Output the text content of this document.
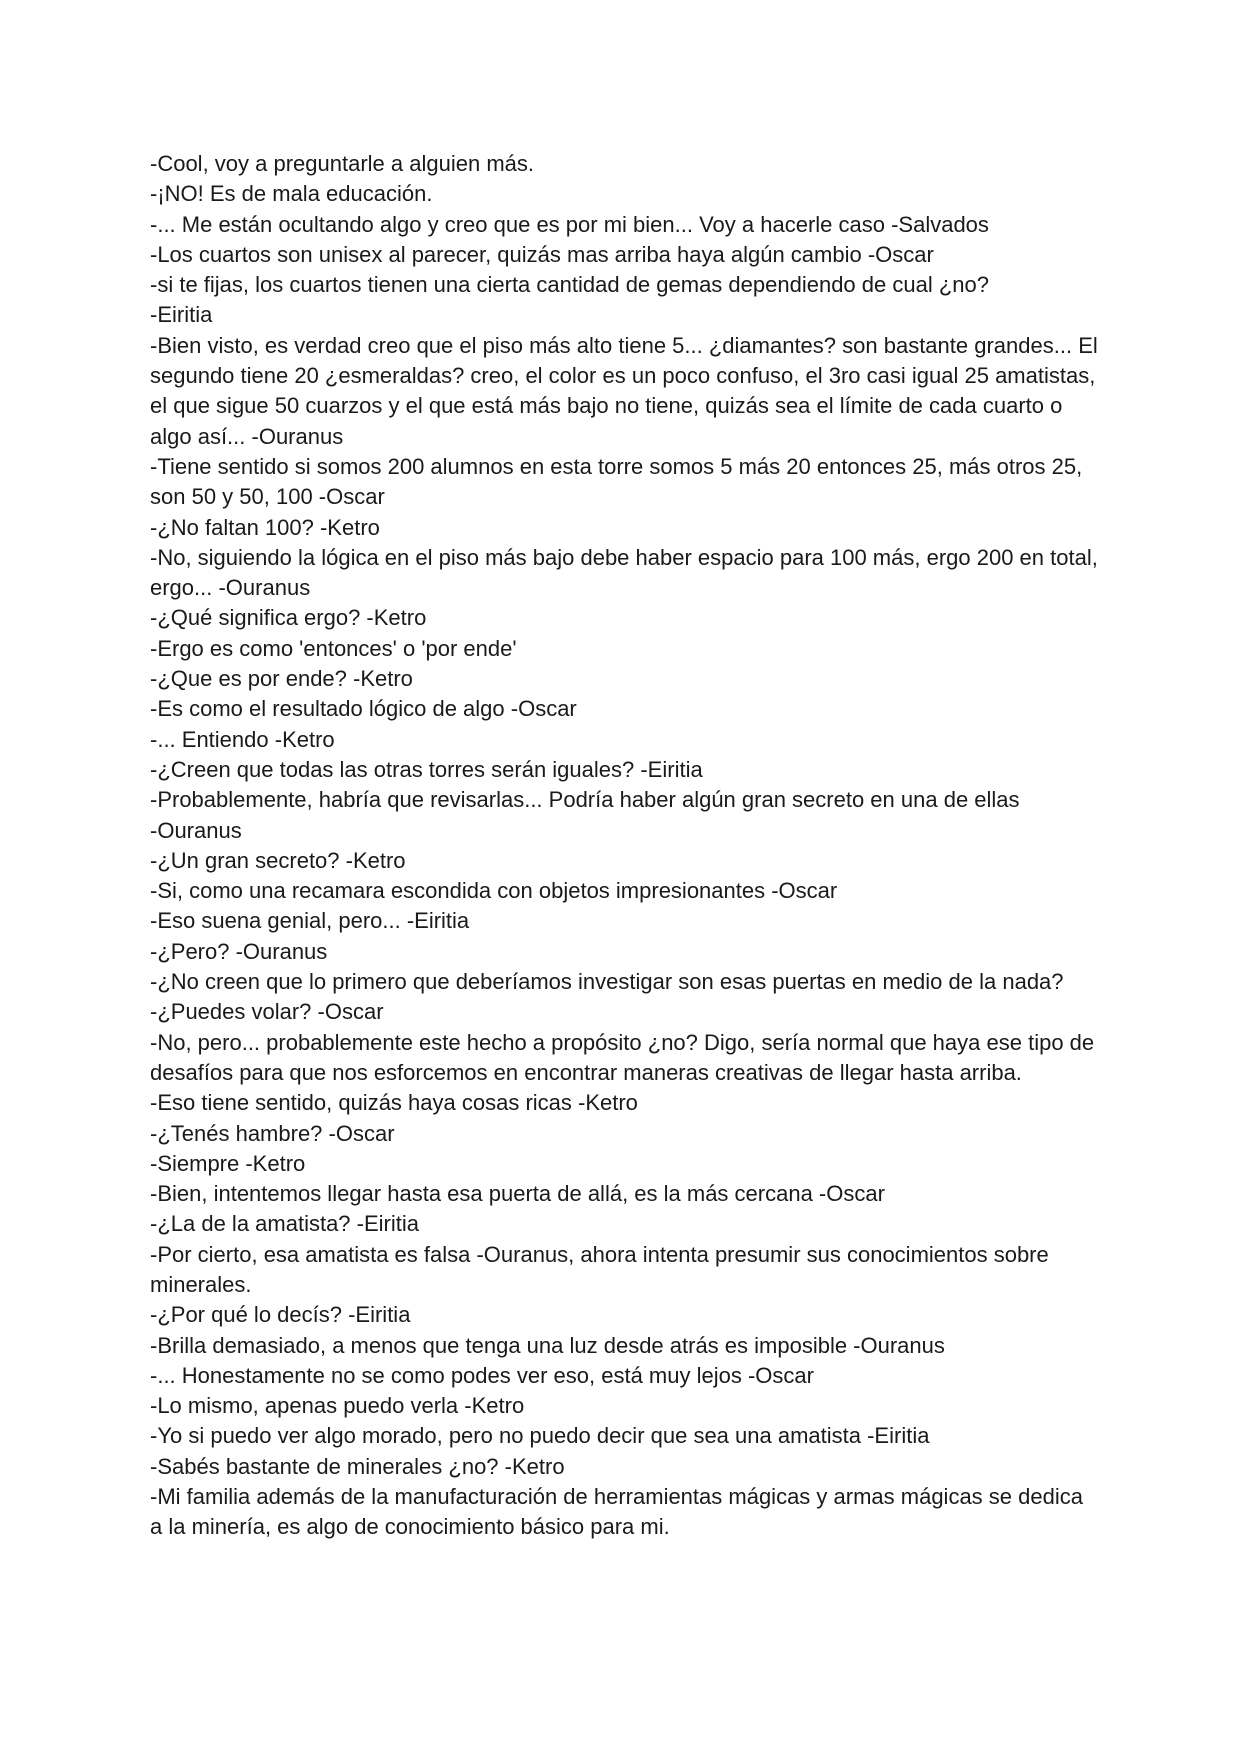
-Cool, voy a preguntarle a alguien más.

-¡NO! Es de mala educación.

-... Me están ocultando algo y creo que es por mi bien... Voy a hacerle caso -Salvados

-Los cuartos son unisex al parecer, quizás mas arriba haya algún cambio -Oscar

-si te fijas, los cuartos tienen una cierta cantidad de gemas dependiendo de cual ¿no?

-Eiritia

-Bien visto, es verdad creo que el piso más alto tiene 5... ¿diamantes? son bastante grandes... El segundo tiene 20 ¿esmeraldas? creo, el color es un poco confuso, el 3ro casi igual 25 amatistas, el que sigue 50 cuarzos y el que está más bajo no tiene, quizás sea el límite de cada cuarto o algo así... -Ouranus

-Tiene sentido si somos 200 alumnos en esta torre somos 5 más 20 entonces 25, más otros 25, son 50 y 50, 100 -Oscar

-¿No faltan 100? -Ketro

-No, siguiendo la lógica en el piso más bajo debe haber espacio para 100 más, ergo 200 en total, ergo... -Ouranus

-¿Qué significa ergo? -Ketro

-Ergo es como 'entonces' o 'por ende'

-¿Que es por ende? -Ketro

-Es como el resultado lógico de algo -Oscar

-... Entiendo -Ketro

-¿Creen que todas las otras torres serán iguales? -Eiritia

-Probablemente, habría que revisarlas... Podría haber algún gran secreto en una de ellas

-Ouranus

-¿Un gran secreto? -Ketro

-Si, como una recamara escondida con objetos impresionantes -Oscar

-Eso suena genial, pero... -Eiritia

-¿Pero? -Ouranus

-¿No creen que lo primero que deberíamos investigar son esas puertas en medio de la nada?

-¿Puedes volar? -Oscar

-No, pero... probablemente este hecho a propósito ¿no? Digo, sería normal que haya ese tipo de desafíos para que nos esforcemos en encontrar maneras creativas de llegar hasta arriba.

-Eso tiene sentido, quizás haya cosas ricas -Ketro

-¿Tenés hambre? -Oscar

-Siempre -Ketro

-Bien, intentemos llegar hasta esa puerta de allá, es la más cercana -Oscar

-¿La de la amatista? -Eiritia

-Por cierto, esa amatista es falsa -Ouranus, ahora intenta presumir sus conocimientos sobre minerales.

-¿Por qué lo decís? -Eiritia

-Brilla demasiado, a menos que tenga una luz desde atrás es imposible -Ouranus

-... Honestamente no se como podes ver eso, está muy lejos -Oscar

-Lo mismo, apenas puedo verla -Ketro

-Yo si puedo ver algo morado, pero no puedo decir que sea una amatista -Eiritia

-Sabés bastante de minerales ¿no? -Ketro

-Mi familia además de la manufacturación de herramientas mágicas y armas mágicas se dedica a la minería, es algo de conocimiento básico para mi.
